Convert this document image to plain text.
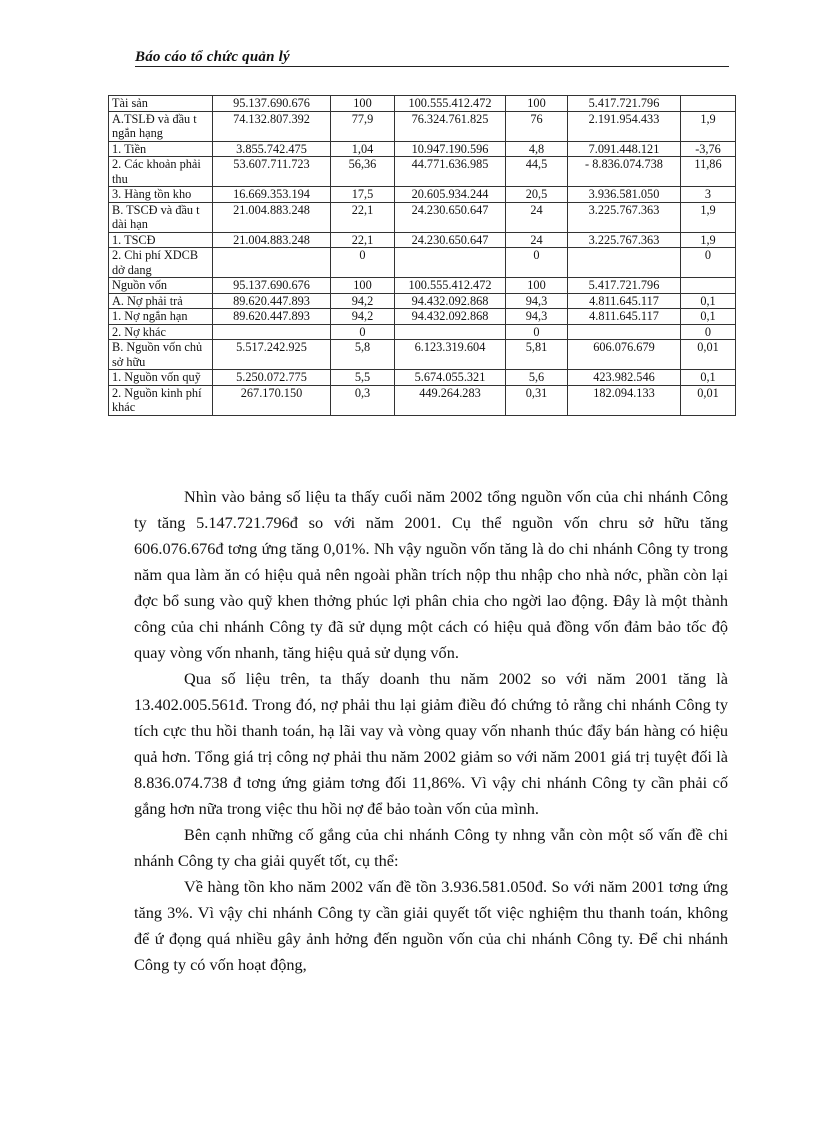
Báo cáo tổ chức quản lý
Tài sản	95.137.690.676	100	100.555.412.472	100	5.417.721.796	
A.TSLĐ và đầu t ngắn hạng	74.132.807.392	77,9	76.324.761.825	76	2.191.954.433	1,9
1. Tiền	3.855.742.475	1,04	10.947.190.596	4,8	7.091.448.121	-3,76
2. Các khoản phải thu	53.607.711.723	56,36	44.771.636.985	44,5	- 8.836.074.738	11,86
3. Hàng tồn kho	16.669.353.194	17,5	20.605.934.244	20,5	3.936.581.050	3
B. TSCĐ và đầu t dài hạn	21.004.883.248	22,1	24.230.650.647	24	3.225.767.363	1,9
1. TSCĐ	21.004.883.248	22,1	24.230.650.647	24	3.225.767.363	1,9
2. Chi phí XDCB dở dang		0		0		0
Nguồn vốn	95.137.690.676	100	100.555.412.472	100	5.417.721.796	
A. Nợ phải trả	89.620.447.893	94,2	94.432.092.868	94,3	4.811.645.117	0,1
1. Nợ ngắn hạn	89.620.447.893	94,2	94.432.092.868	94,3	4.811.645.117	0,1
2. Nợ khác		0		0		0
B. Nguồn vốn chủ sở hữu	5.517.242.925	5,8	6.123.319.604	5,81	606.076.679	0,01
1. Nguồn vốn quỹ	5.250.072.775	5,5	5.674.055.321	5,6	423.982.546	0,1
2. Nguồn kinh phí khác	267.170.150	0,3	449.264.283	0,31	182.094.133	0,01

Nhìn vào bảng số liệu ta thấy cuối năm 2002 tổng nguồn vốn của chi nhánh Công ty tăng 5.147.721.796đ so với năm 2001. Cụ thể nguồn vốn chru sở hữu tăng 606.076.676đ tơng ứng tăng 0,01%. Nh vậy nguồn vốn tăng là do chi nhánh Công ty trong năm qua làm ăn có hiệu quả nên ngoài phần trích nộp thu nhập cho nhà nớc, phần còn lại đợc bổ sung vào quỹ khen thởng phúc lợi phân chia cho ngời lao động. Đây là một thành công của chi nhánh Công ty đã sử dụng một cách có hiệu quả đồng vốn đảm bảo tốc độ quay vòng vốn nhanh, tăng hiệu quả sử dụng vốn.

Qua số liệu trên, ta thấy doanh thu năm 2002 so với năm 2001 tăng là 13.402.005.561đ. Trong đó, nợ phải thu lại giảm điều đó chứng tỏ rằng chi nhánh Công ty tích cực thu hồi thanh toán, hạ lãi vay và vòng quay vốn nhanh thúc đẩy bán hàng có hiệu quả hơn. Tổng giá trị công nợ phải thu năm 2002 giảm so với năm 2001 giá trị tuyệt đối là 8.836.074.738 đ tơng ứng giảm tơng đối 11,86%. Vì vậy chi nhánh Công ty cần phải cố gắng hơn nữa trong việc thu hồi nợ để bảo toàn vốn của mình.

Bên cạnh những cố gắng của chi nhánh Công ty nhng vẫn còn một số vấn đề chi nhánh Công ty cha giải quyết tốt, cụ thể:

Về hàng tồn kho năm 2002 vấn đề tồn 3.936.581.050đ. So với năm 2001 tơng ứng tăng 3%. Vì vậy chi nhánh Công ty cần giải quyết tốt việc nghiệm thu thanh toán, không để ứ đọng quá nhiều gây ảnh hởng đến nguồn vốn của chi nhánh Công ty. Để chi nhánh Công ty có vốn hoạt động,
